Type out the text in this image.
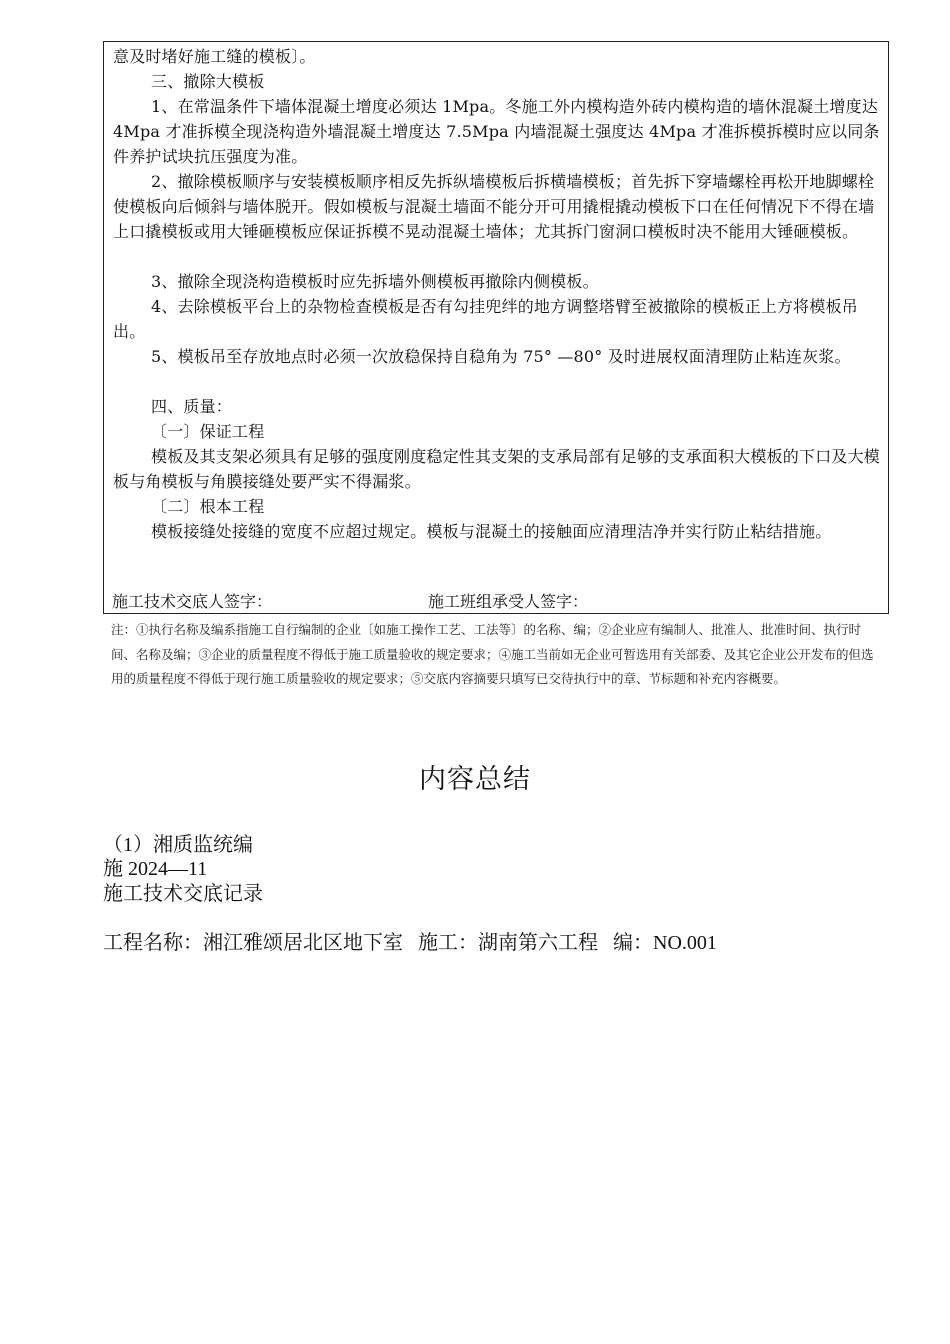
意及时堵好施工缝的模板〕。

三、撤除大模板

1、在常温条件下墙体混凝土增度必须达 1Mpa。冬施工外内模构造外砖内模构造的墙休混凝土增度达 4Mpa 才准拆模全现浇构造外墙混凝土增度达 7.5Mpa 内墙混凝土强度达 4Mpa 才准拆模拆模时应以同条件养护试块抗压强度为准。

2、撤除模板顺序与安装模板顺序相反先拆纵墙模板后拆横墙模板；首先拆下穿墙螺栓再松开地脚螺栓使模板向后倾斜与墙体脱开。假如模板与混凝土墙面不能分开可用撬棍撬动模板下口在任何情况下不得在墙上口撬模板或用大锤砸模板应保证拆模不晃动混凝土墙体；尤其拆门窗洞口模板时决不能用大锤砸模板。

3、撤除全现浇构造模板时应先拆墙外侧模板再撤除内侧模板。

4、去除模板平台上的杂物检查模板是否有勾挂兜绊的地方调整塔臂至被撤除的模板正上方将模板吊出。

5、模板吊至存放地点时必须一次放稳保持自稳角为 75° —80° 及时进展权面清理防止粘连灰浆。

四、质量：

〔一〕保证工程

模板及其支架必须具有足够的强度刚度稳定性其支架的支承局部有足够的支承面积大模板的下口及大模板与角模板与角膜接缝处要严实不得漏浆。

〔二〕根本工程

模板接缝处接缝的宽度不应超过规定。模板与混凝土的接触面应清理洁净并实行防止粘结措施。

施工技术交底人签字：	施工班组承受人签字：
注：①执行名称及编系指施工自行编制的企业〔如施工操作工艺、工法等〕的名称、编；②企业应有编制人、批准人、批准时间、执行时间、名称及编；③企业的质量程度不得低于施工质量验收的规定要求；④施工当前如无企业可暂选用有关部委、及其它企业公开发布的但选用的质量程度不得低于现行施工质量验收的规定要求；⑤交底内容摘要只填写已交待执行中的章、节标题和补充内容概要。
内容总结
（1）湘质监统编
施 2024—11
施工技术交底记录
工程名称：湘江雅颂居北区地下室   施工：湖南第六工程   编：NO.001
